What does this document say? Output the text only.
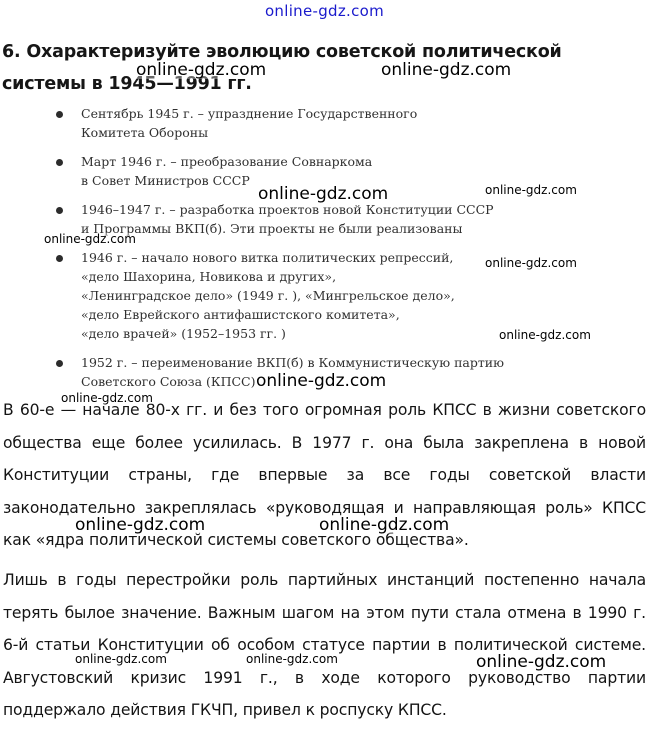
online-gdz.com
6. Охарактеризуйте эволюцию советской политической системы в 1945—1991 гг.
Сентябрь 1945 г. – упразднение Государственного
Комитета Обороны
Март 1946 г. – преобразование Совнаркома
в Совет Министров СССР
1946–1947 г. – разработка проектов новой Конституции СССР
и Программы ВКП(б). Эти проекты не были реализованы
1946 г. – начало нового витка политических репрессий,
«дело Шахорина, Новикова и других»,
«Ленинградское дело» (1949 г. ), «Мингрельское дело»,
«дело Еврейского антифашистского комитета»,
«дело врачей» (1952–1953 гг. )
1952 г. – переименование ВКП(б) в Коммунистическую партию
Советского Союза (КПСС)

В 60-е — начале 80-х гг. и без того огромная роль КПСС в жизни советского общества еще более усилилась. В 1977 г. она была закреплена в новой Конституции страны, где впервые за все годы советской власти законодательно закреплялась «руководящая и направляющая роль» КПСС как «ядра политической системы советского общества».

Лишь в годы перестройки роль партийных инстанций постепенно начала терять былое значение. Важным шагом на этом пути стала отмена в 1990 г. 6-й статьи Конституции об особом статусе партии в политической системе. Августовский кризис 1991 г., в ходе которого руководство партии поддержало действия ГКЧП, привел к роспуску КПСС.

online-gdz.com	online-gdz.com
online-gdz.com	online-gdz.com
online-gdz.com
online-gdz.com
online-gdz.com
online-gdz.com
online-gdz.com
online-gdz.com	online-gdz.com
online-gdz.com	online-gdz.com	online-gdz.com
